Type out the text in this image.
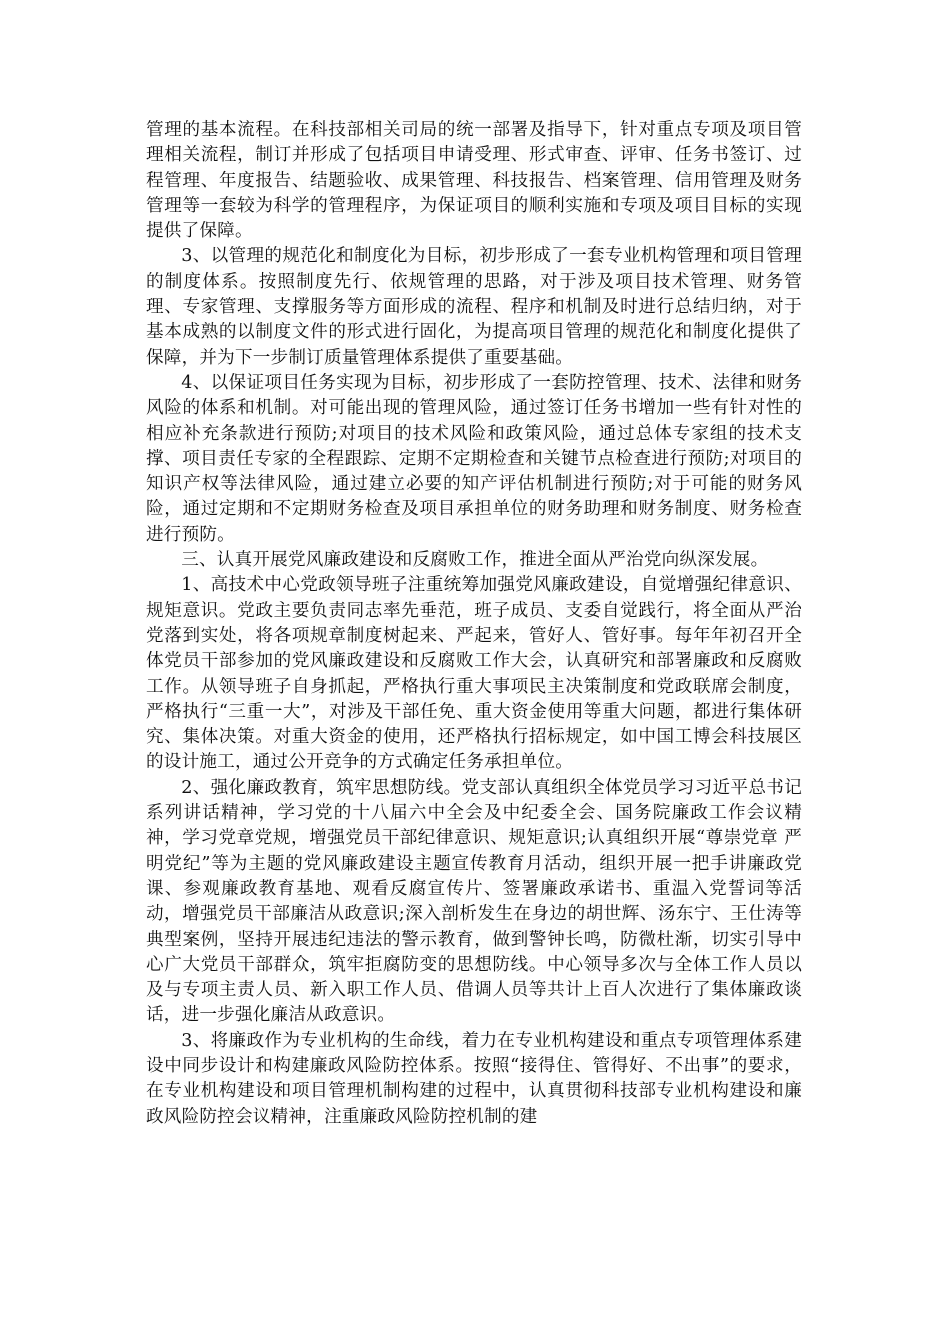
管理的基本流程。在科技部相关司局的统一部署及指导下，针对重点专项及项目管理相关流程，制订并形成了包括项目申请受理、形式审查、评审、任务书签订、过程管理、年度报告、结题验收、成果管理、科技报告、档案管理、信用管理及财务管理等一套较为科学的管理程序，为保证项目的顺利实施和专项及项目目标的实现提供了保障。

3、以管理的规范化和制度化为目标，初步形成了一套专业机构管理和项目管理的制度体系。按照制度先行、依规管理的思路，对于涉及项目技术管理、财务管理、专家管理、支撑服务等方面形成的流程、程序和机制及时进行总结归纳，对于基本成熟的以制度文件的形式进行固化，为提高项目管理的规范化和制度化提供了保障，并为下一步制订质量管理体系提供了重要基础。

4、以保证项目任务实现为目标，初步形成了一套防控管理、技术、法律和财务风险的体系和机制。对可能出现的管理风险，通过签订任务书增加一些有针对性的相应补充条款进行预防;对项目的技术风险和政策风险，通过总体专家组的技术支撑、项目责任专家的全程跟踪、定期不定期检查和关键节点检查进行预防;对项目的知识产权等法律风险，通过建立必要的知产评估机制进行预防;对于可能的财务风险，通过定期和不定期财务检查及项目承担单位的财务助理和财务制度、财务检查进行预防。

三、认真开展党风廉政建设和反腐败工作，推进全面从严治党向纵深发展。

1、高技术中心党政领导班子注重统筹加强党风廉政建设，自觉增强纪律意识、规矩意识。党政主要负责同志率先垂范，班子成员、支委自觉践行，将全面从严治党落到实处，将各项规章制度树起来、严起来，管好人、管好事。每年年初召开全体党员干部参加的党风廉政建设和反腐败工作大会，认真研究和部署廉政和反腐败工作。从领导班子自身抓起，严格执行重大事项民主决策制度和党政联席会制度，严格执行“三重一大”，对涉及干部任免、重大资金使用等重大问题，都进行集体研究、集体决策。对重大资金的使用，还严格执行招标规定，如中国工博会科技展区的设计施工，通过公开竞争的方式确定任务承担单位。

2、强化廉政教育，筑牢思想防线。党支部认真组织全体党员学习习近平总书记系列讲话精神，学习党的十八届六中全会及中纪委全会、国务院廉政工作会议精神，学习党章党规，增强党员干部纪律意识、规矩意识;认真组织开展“尊崇党章 严明党纪”等为主题的党风廉政建设主题宣传教育月活动，组织开展一把手讲廉政党课、参观廉政教育基地、观看反腐宣传片、签署廉政承诺书、重温入党誓词等活动，增强党员干部廉洁从政意识;深入剖析发生在身边的胡世辉、汤东宁、王仕涛等典型案例，坚持开展违纪违法的警示教育，做到警钟长鸣，防微杜渐，切实引导中心广大党员干部群众，筑牢拒腐防变的思想防线。中心领导多次与全体工作人员以及与专项主责人员、新入职工作人员、借调人员等共计上百人次进行了集体廉政谈话，进一步强化廉洁从政意识。

3、将廉政作为专业机构的生命线，着力在专业机构建设和重点专项管理体系建设中同步设计和构建廉政风险防控体系。按照“接得住、管得好、不出事”的要求，在专业机构建设和项目管理机制构建的过程中，认真贯彻科技部专业机构建设和廉政风险防控会议精神，注重廉政风险防控机制的建
